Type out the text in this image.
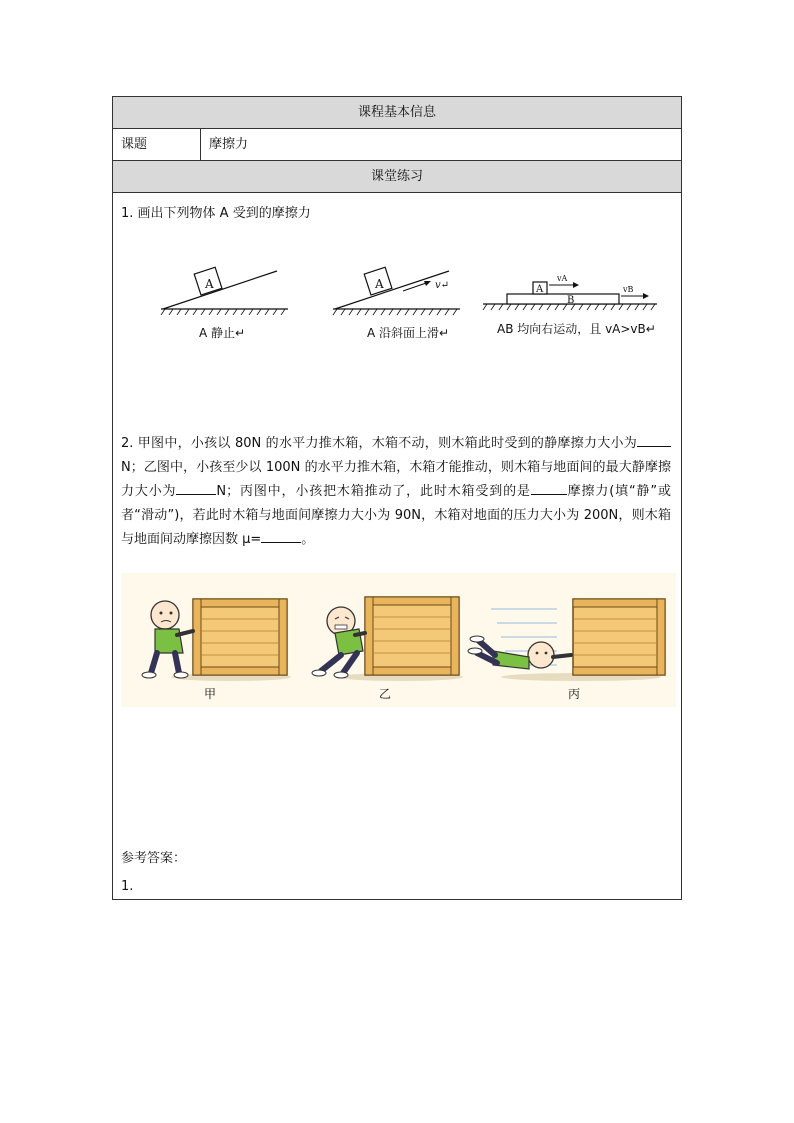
课程基本信息
课题	摩擦力
课堂练习
1. 画出下列物体 A 受到的摩擦力
A
A 静止↵
A	v↵
A 沿斜面上滑↵
B
A
vA
vB
AB 均向右运动，且 vA>vB↵
2. 甲图中，小孩以 80N 的水平力推木箱，木箱不动，则木箱此时受到的静摩擦力大小为N；乙图中，小孩至少以 100N 的水平力推木箱，木箱才能推动，则木箱与地面间的最大静摩擦力大小为	N；丙图中，小孩把木箱推动了，此时木箱受到的是	摩擦力(填“静”或者“滑动”)，若此时木箱与地面间摩擦力大小为 90N，木箱对地面的压力大小为 200N，则木箱与地面间动摩擦因数 μ=	。
甲	乙	丙
参考答案：
1.
